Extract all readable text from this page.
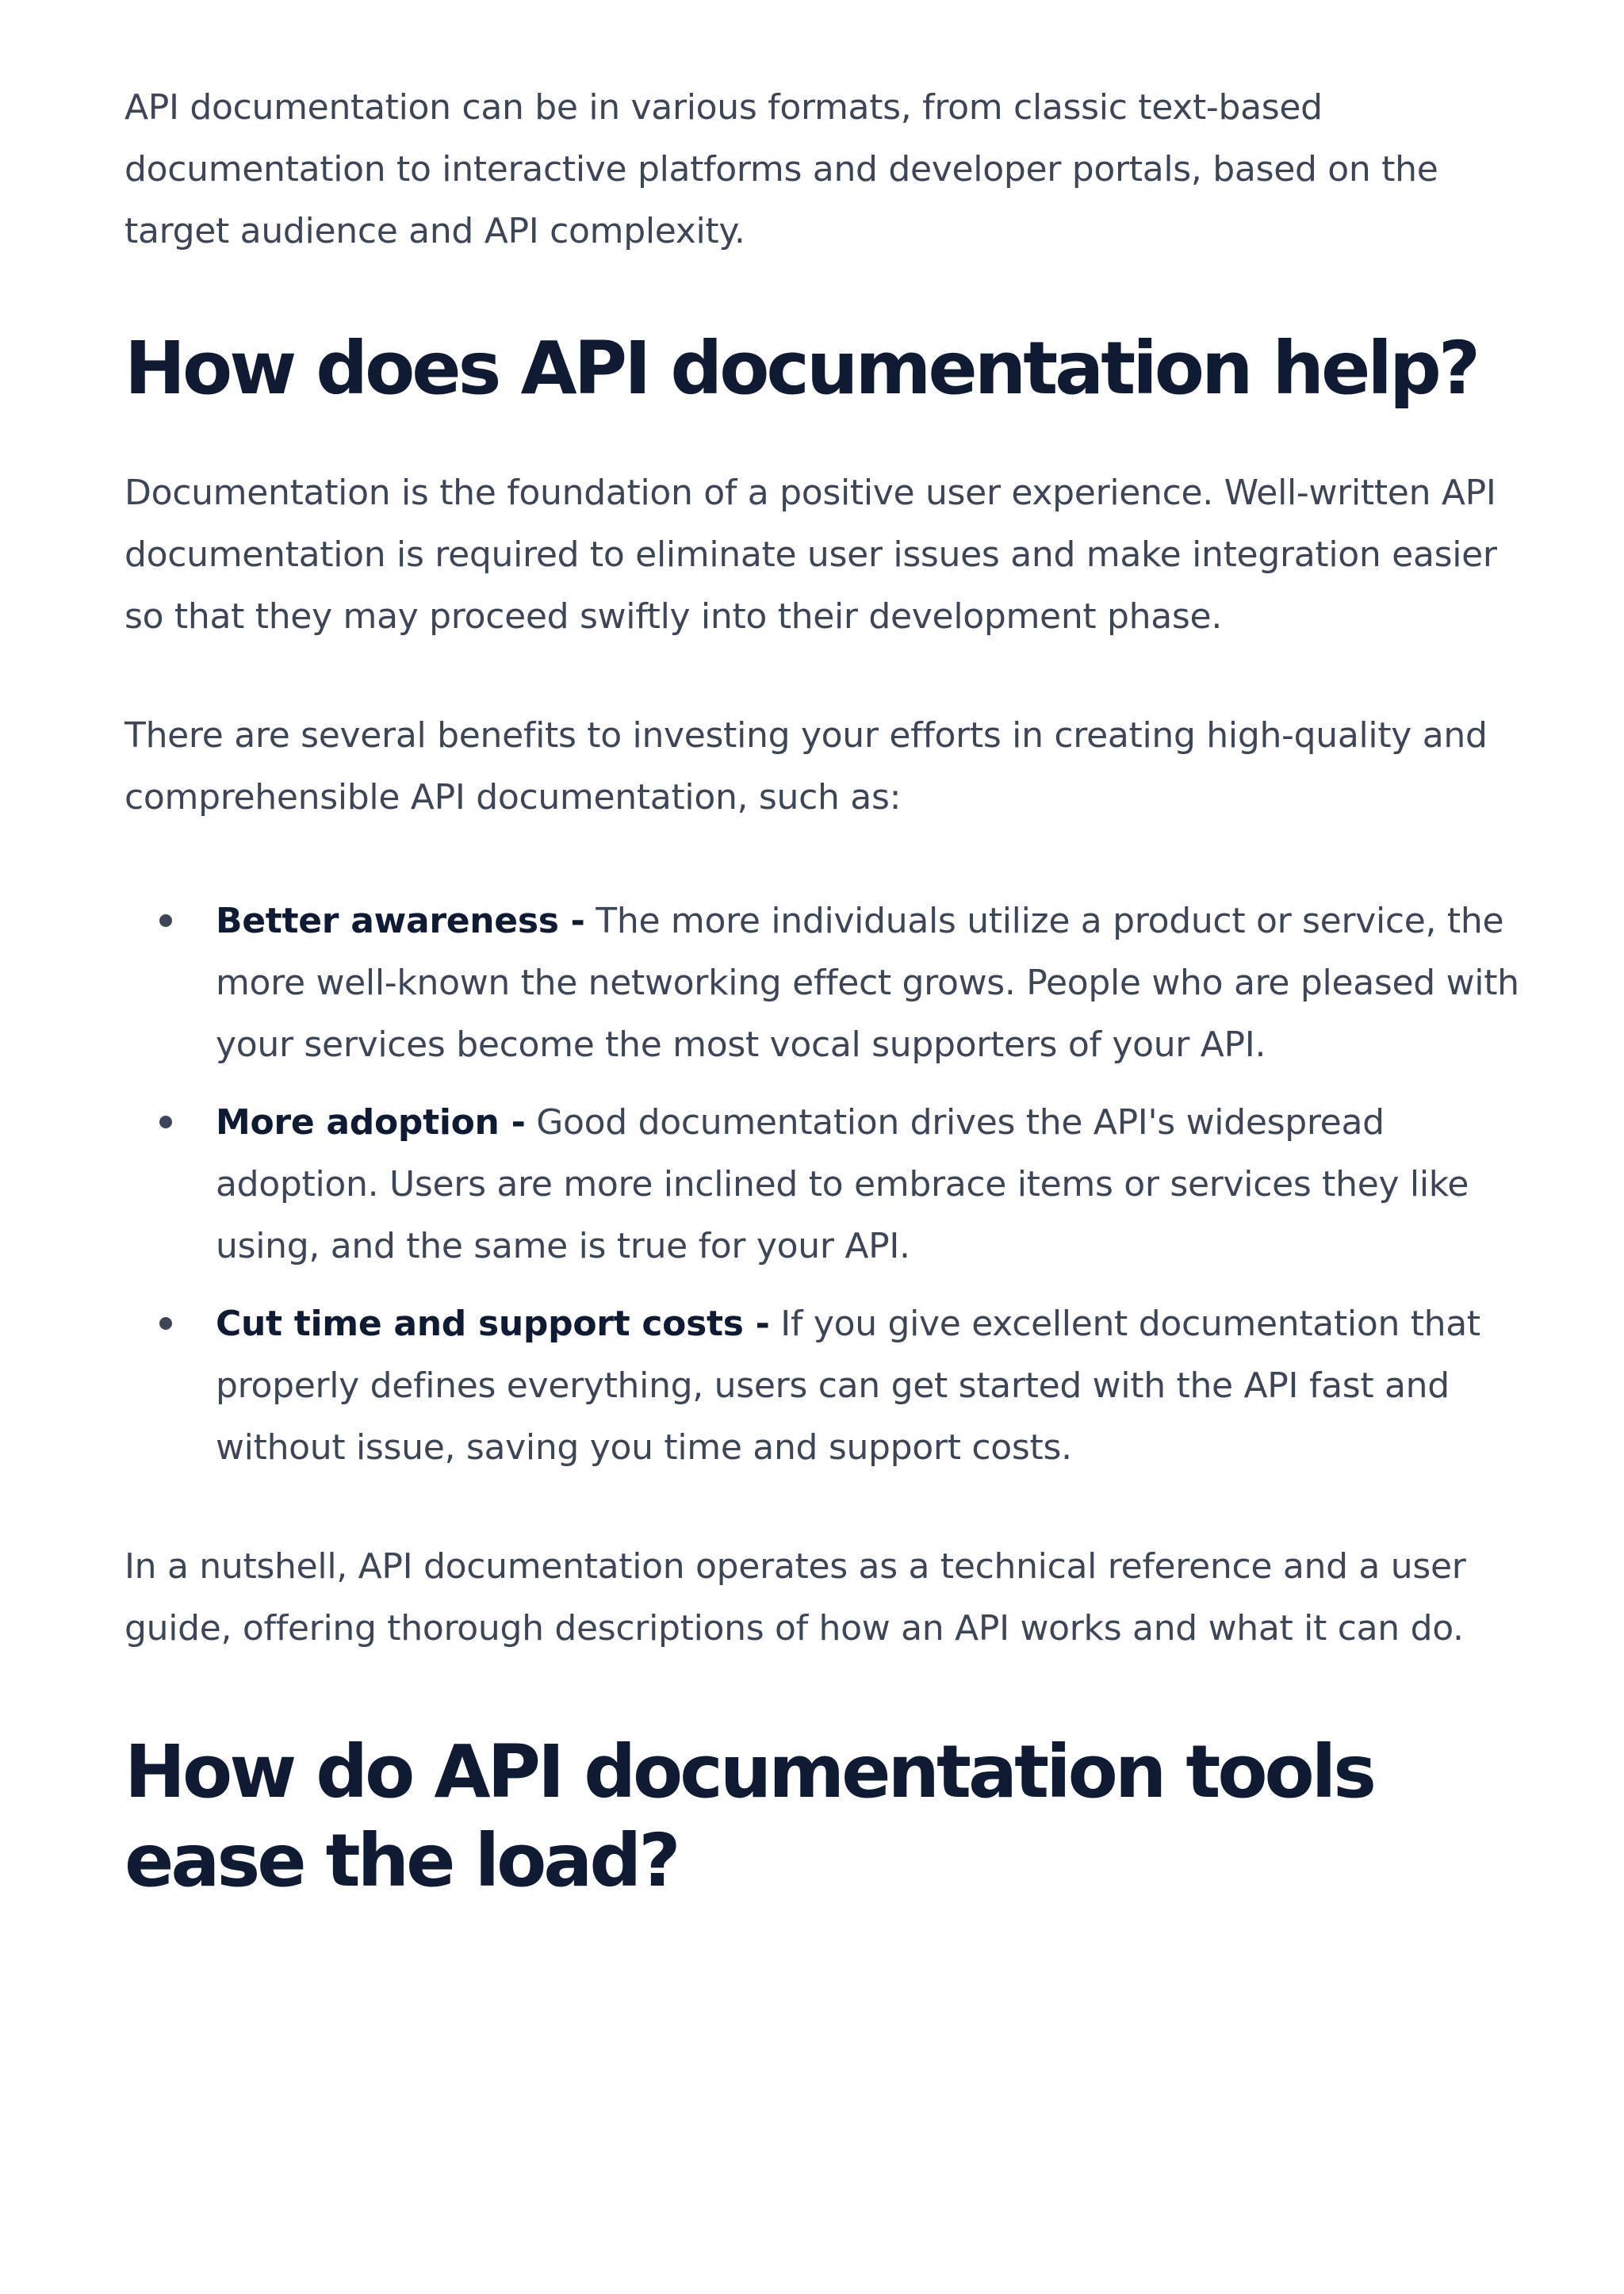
API documentation can be in various formats, from classic text-based documentation to interactive platforms and developer portals, based on the target audience and API complexity.

How does API documentation help?

Documentation is the foundation of a positive user experience. Well-written API documentation is required to eliminate user issues and make integration easier so that they may proceed swiftly into their development phase.

There are several benefits to investing your efforts in creating high-quality and comprehensible API documentation, such as:

Better awareness - The more individuals utilize a product or service, the more well-known the networking effect grows. People who are pleased with your services become the most vocal supporters of your API.
More adoption - Good documentation drives the API's widespread adoption. Users are more inclined to embrace items or services they like using, and the same is true for your API.
Cut time and support costs - If you give excellent documentation that properly defines everything, users can get started with the API fast and without issue, saving you time and support costs.

In a nutshell, API documentation operates as a technical reference and a user guide, offering thorough descriptions of how an API works and what it can do.

How do API documentation tools ease the load?
